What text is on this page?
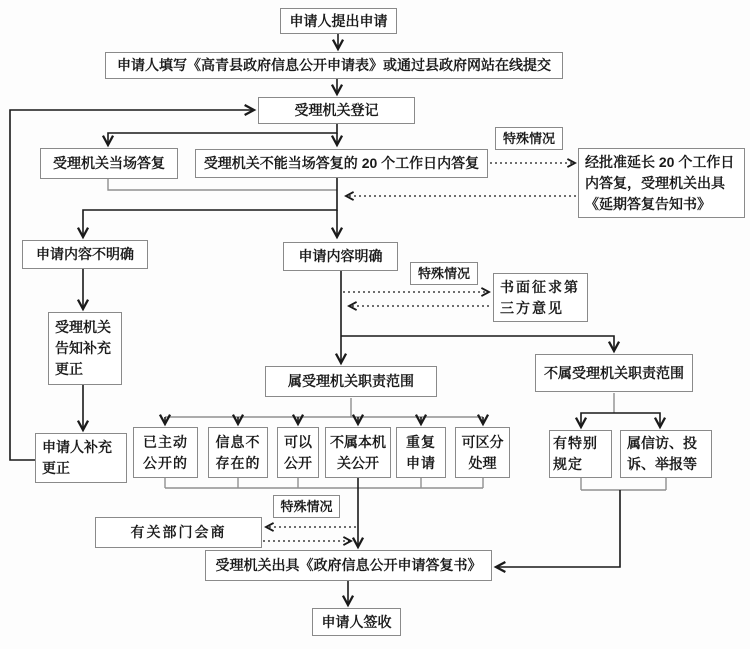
申请人提出申请
申请人填写《高青县政府信息公开申请表》或通过县政府网站在线提交
受理机关登记
受理机关当场答复	受理机关不能当场答复的 20 个工作日内答复
特殊情况
经批准延长 20 个工作日内答复，受理机关出具《延期答复告知书》
申请内容不明确
受理机关告知补充更正
申请人补充更正
申请内容明确
特殊情况
书面征求第三方意见
属受理机关职责范围
不属受理机关职责范围
已主动公开的
信息不存在的
可以公开
不属本机关公开
重复申请
可区分处理
有特别规定
属信访、投诉、举报等
特殊情况
有关部门会商
受理机关出具《政府信息公开申请答复书》
申请人签收
